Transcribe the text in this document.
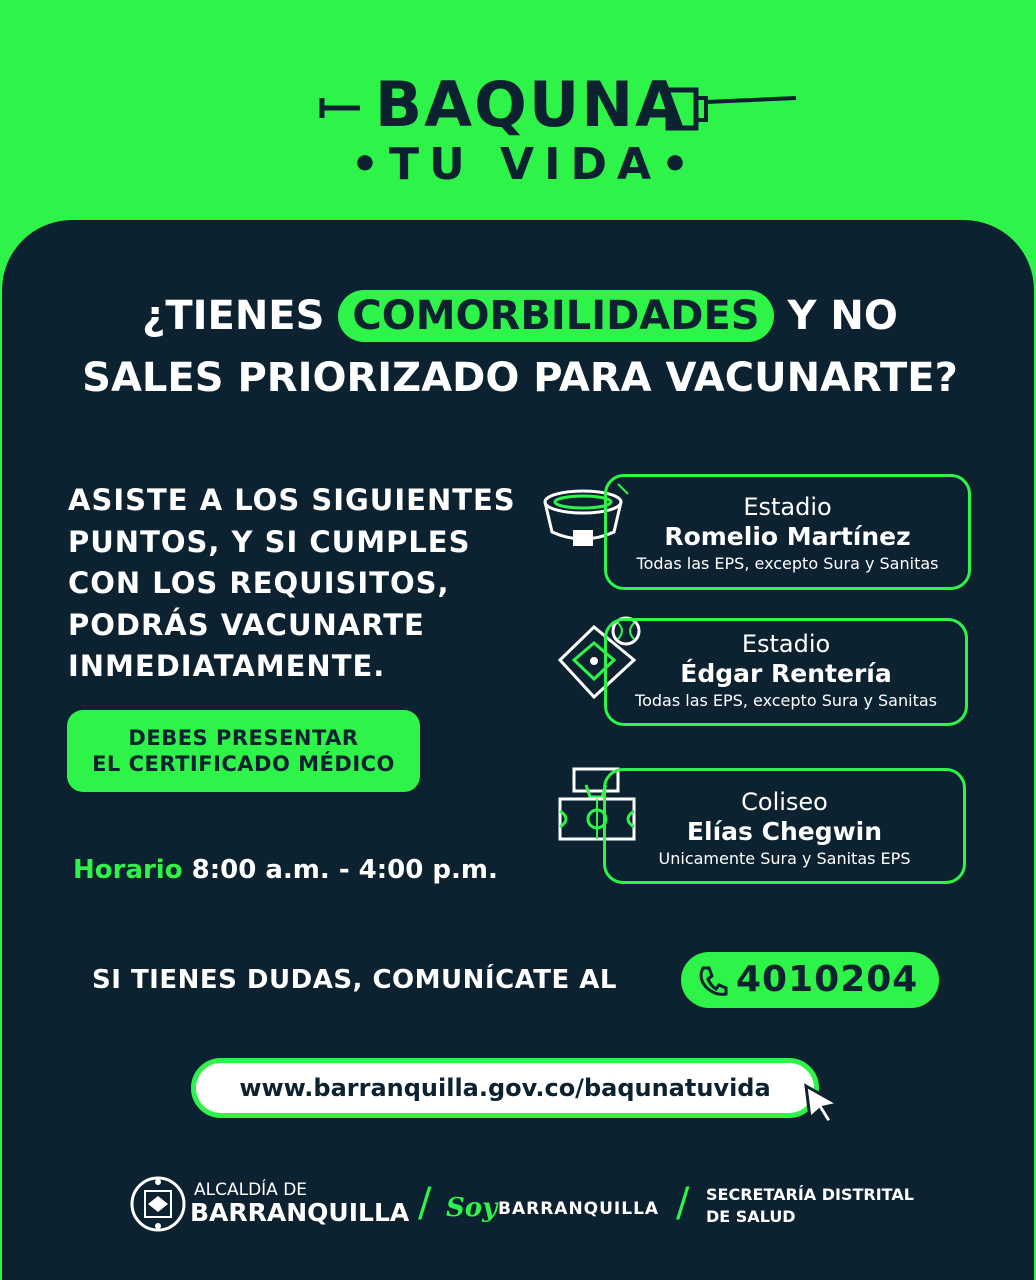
BAQUNA
•TU VIDA•
¿TIENES COMORBILIDADES Y NO
SALES PRIORIZADO PARA VACUNARTE?
ASISTE A LOS SIGUIENTES
PUNTOS, Y SI CUMPLES
CON LOS REQUISITOS,
PODRÁS VACUNARTE
INMEDIATAMENTE.
DEBES PRESENTAR
EL CERTIFICADO MÉDICO
Horario 8:00 a.m. - 4:00 p.m.
Estadio
Romelio Martínez
Todas las EPS, excepto Sura y Sanitas
Estadio
Édgar Rentería
Todas las EPS, excepto Sura y Sanitas
Coliseo
Elías Chegwin
Unicamente Sura y Sanitas EPS
SI TIENES DUDAS, COMUNÍCATE AL	4010204
www.barranquilla.gov.co/baqunatuvida
ALCALDÍA DE
BARRANQUILLA / Soy BARRANQUILLA / SECRETARÍA DISTRITAL
DE SALUD
